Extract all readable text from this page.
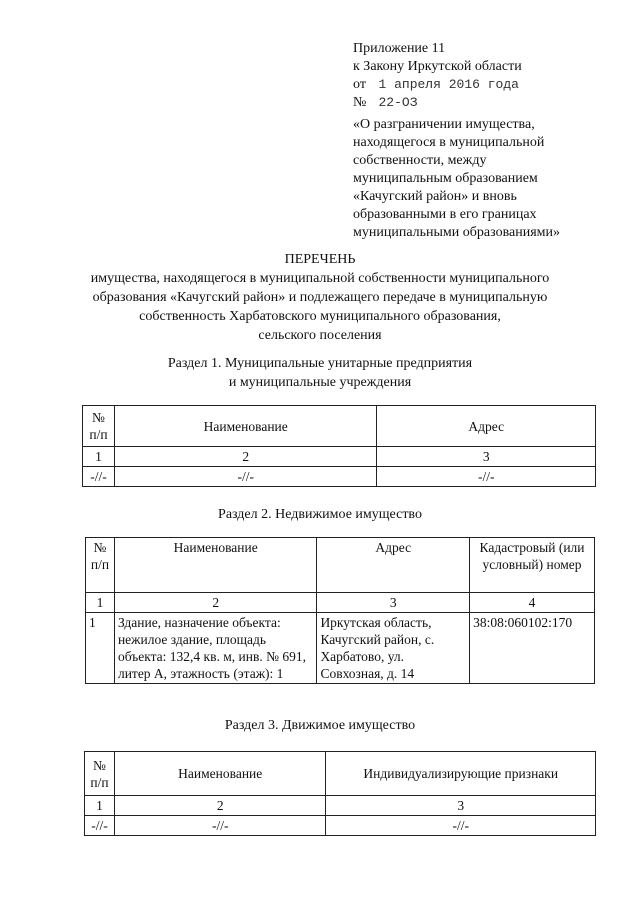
Приложение 11
к Закону Иркутской области
от 1 апреля 2016 года
№ 22-ОЗ
«О разграничении имущества,
находящегося в муниципальной
собственности, между
муниципальным образованием
«Качугский район» и вновь
образованными в его границах
муниципальными образованиями»
ПЕРЕЧЕНЬ
имущества, находящегося в муниципальной собственности муниципального
образования «Качугский район» и подлежащего передаче в муниципальную
собственность Харбатовского муниципального образования,
сельского поселения
Раздел 1. Муниципальные унитарные предприятия
и муниципальные учреждения
№ п/п	Наименование	Адрес
1	2	3
-//-	-//-	-//-
Раздел 2. Недвижимое имущество
№ п/п	Наименование	Адрес	Кадастровый (или условный) номер
1	2	3	4
1	Здание, назначение объекта: нежилое здание, площадь объекта: 132,4 кв. м, инв. № 691, литер А, этажность (этаж): 1	Иркутская область, Качугский район, с. Харбатово, ул. Совхозная, д. 14	38:08:060102:170
Раздел 3. Движимое имущество
№ п/п	Наименование	Индивидуализирующие признаки
1	2	3
-//-	-//-	-//-
